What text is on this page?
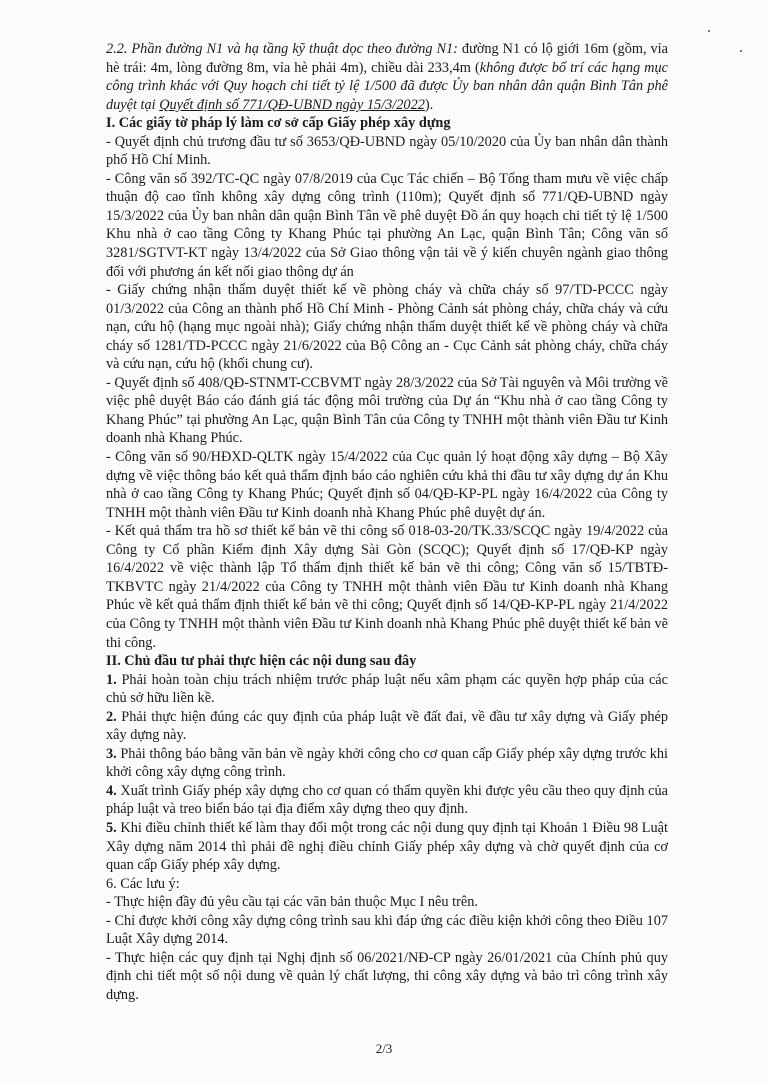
2.2. Phần đường N1 và hạ tầng kỹ thuật dọc theo đường N1: đường N1 có lộ giới 16m (gồm, vỉa hè trái: 4m, lòng đường 8m, vỉa hè phải 4m), chiều dài 233,4m (không được bố trí các hạng mục công trình khác với Quy hoạch chi tiết tỷ lệ 1/500 đã được Ủy ban nhân dân quận Bình Tân phê duyệt tại Quyết định số 771/QĐ-UBND ngày 15/3/2022).

I. Các giấy tờ pháp lý làm cơ sở cấp Giấy phép xây dựng

- Quyết định chủ trương đầu tư số 3653/QĐ-UBND ngày 05/10/2020 của Ủy ban nhân dân thành phố Hồ Chí Minh.

- Công văn số 392/TC-QC ngày 07/8/2019 của Cục Tác chiến – Bộ Tổng tham mưu về việc chấp thuận độ cao tĩnh không xây dựng công trình (110m); Quyết định số 771/QĐ-UBND ngày 15/3/2022 của Ủy ban nhân dân quận Bình Tân về phê duyệt Đồ án quy hoạch chi tiết tỷ lệ 1/500 Khu nhà ở cao tầng Công ty Khang Phúc tại phường An Lạc, quận Bình Tân; Công văn số 3281/SGTVT-KT ngày 13/4/2022 của Sở Giao thông vận tải về ý kiến chuyên ngành giao thông đối với phương án kết nối giao thông dự án

- Giấy chứng nhận thẩm duyệt thiết kế về phòng cháy và chữa cháy số 97/TD-PCCC ngày 01/3/2022 của Công an thành phố Hồ Chí Minh - Phòng Cảnh sát phòng cháy, chữa cháy và cứu nạn, cứu hộ (hạng mục ngoài nhà); Giấy chứng nhận thẩm duyệt thiết kế về phòng cháy và chữa cháy số 1281/TD-PCCC ngày 21/6/2022 của Bộ Công an - Cục Cảnh sát phòng cháy, chữa cháy và cứu nạn, cứu hộ (khối chung cư).

- Quyết định số 408/QĐ-STNMT-CCBVMT ngày 28/3/2022 của Sở Tài nguyên và Môi trường về việc phê duyệt Báo cáo đánh giá tác động môi trường của Dự án “Khu nhà ở cao tầng Công ty Khang Phúc” tại phường An Lạc, quận Bình Tân của Công ty TNHH một thành viên Đầu tư Kinh doanh nhà Khang Phúc.

- Công văn số 90/HĐXD-QLTK ngày 15/4/2022 của Cục quản lý hoạt động xây dựng – Bộ Xây dựng về việc thông báo kết quả thẩm định báo cáo nghiên cứu khả thi đầu tư xây dựng dự án Khu nhà ở cao tầng Công ty Khang Phúc; Quyết định số 04/QĐ-KP-PL ngày 16/4/2022 của Công ty TNHH một thành viên Đầu tư Kinh doanh nhà Khang Phúc phê duyệt dự án.

- Kết quả thẩm tra hồ sơ thiết kế bản vẽ thi công số 018-03-20/TK.33/SCQC ngày 19/4/2022 của Công ty Cổ phần Kiểm định Xây dựng Sài Gòn (SCQC); Quyết định số 17/QĐ-KP ngày 16/4/2022 về việc thành lập Tổ thẩm định thiết kế bản vẽ thi công; Công văn số 15/TBTĐ-TKBVTC ngày 21/4/2022 của Công ty TNHH một thành viên Đầu tư Kinh doanh nhà Khang Phúc về kết quả thẩm định thiết kế bản vẽ thi công; Quyết định số 14/QĐ-KP-PL ngày 21/4/2022 của Công ty TNHH một thành viên Đầu tư Kinh doanh nhà Khang Phúc phê duyệt thiết kế bản vẽ thi công.

II. Chủ đầu tư phải thực hiện các nội dung sau đây

1. Phải hoàn toàn chịu trách nhiệm trước pháp luật nếu xâm phạm các quyền hợp pháp của các chủ sở hữu liền kề.

2. Phải thực hiện đúng các quy định của pháp luật về đất đai, về đầu tư xây dựng và Giấy phép xây dựng này.

3. Phải thông báo bằng văn bản về ngày khởi công cho cơ quan cấp Giấy phép xây dựng trước khi khởi công xây dựng công trình.

4. Xuất trình Giấy phép xây dựng cho cơ quan có thẩm quyền khi được yêu cầu theo quy định của pháp luật và treo biển báo tại địa điểm xây dựng theo quy định.

5. Khi điều chỉnh thiết kế làm thay đổi một trong các nội dung quy định tại Khoản 1 Điều 98 Luật Xây dựng năm 2014 thì phải đề nghị điều chỉnh Giấy phép xây dựng và chờ quyết định của cơ quan cấp Giấy phép xây dựng.

6. Các lưu ý:

- Thực hiện đầy đủ yêu cầu tại các văn bản thuộc Mục I nêu trên.

- Chỉ được khởi công xây dựng công trình sau khi đáp ứng các điều kiện khởi công theo Điều 107 Luật Xây dựng 2014.

- Thực hiện các quy định tại Nghị định số 06/2021/NĐ-CP ngày 26/01/2021 của Chính phủ quy định chi tiết một số nội dung về quản lý chất lượng, thi công xây dựng và bảo trì công trình xây dựng.

2/3
